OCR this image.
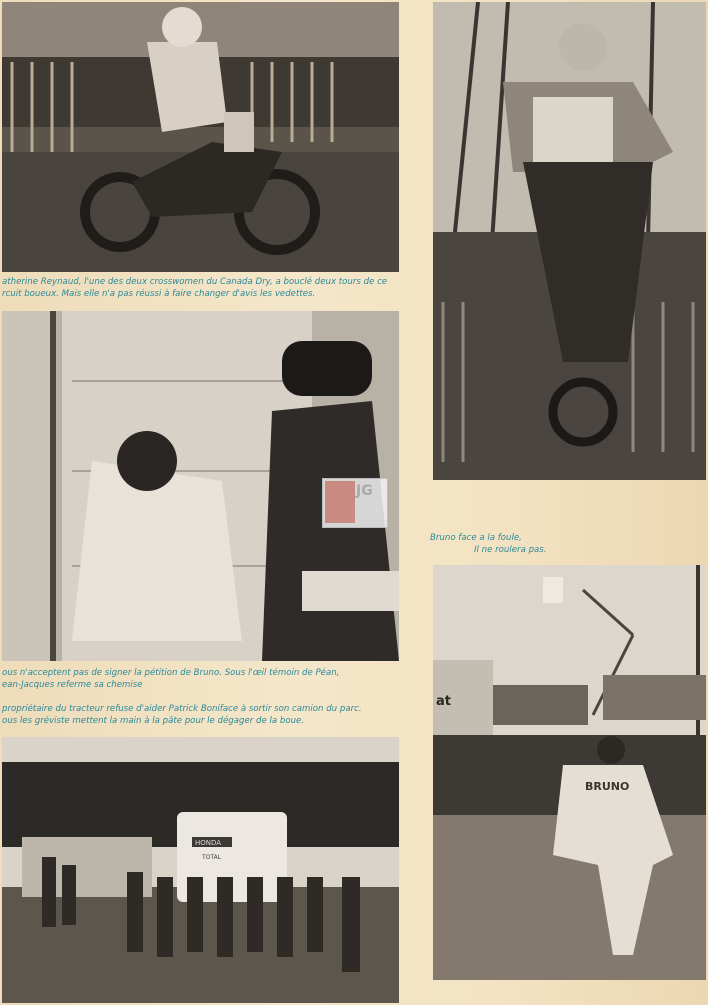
atherine Reynaud, l'une des deux crosswomen du Canada Dry, a bouclé deux tours de ce

rcuit boueux. Mais elle n'a pas réussi à faire changer d'avis les vedettes.

JG

ous n'acceptent pas de signer la pétition de Bruno. Sous l'œil témoin de Péan,

ean-Jacques referme sa chemise

propriétaire du tracteur refuse d'aider Patrick Boniface à sortir son camion du parc.

ous les gréviste mettent la main à la pâte pour le dégager de la boue.

HONDA
TOTAL

Bruno face a la foule,

Il ne roulera pas.

at
BRUNO
